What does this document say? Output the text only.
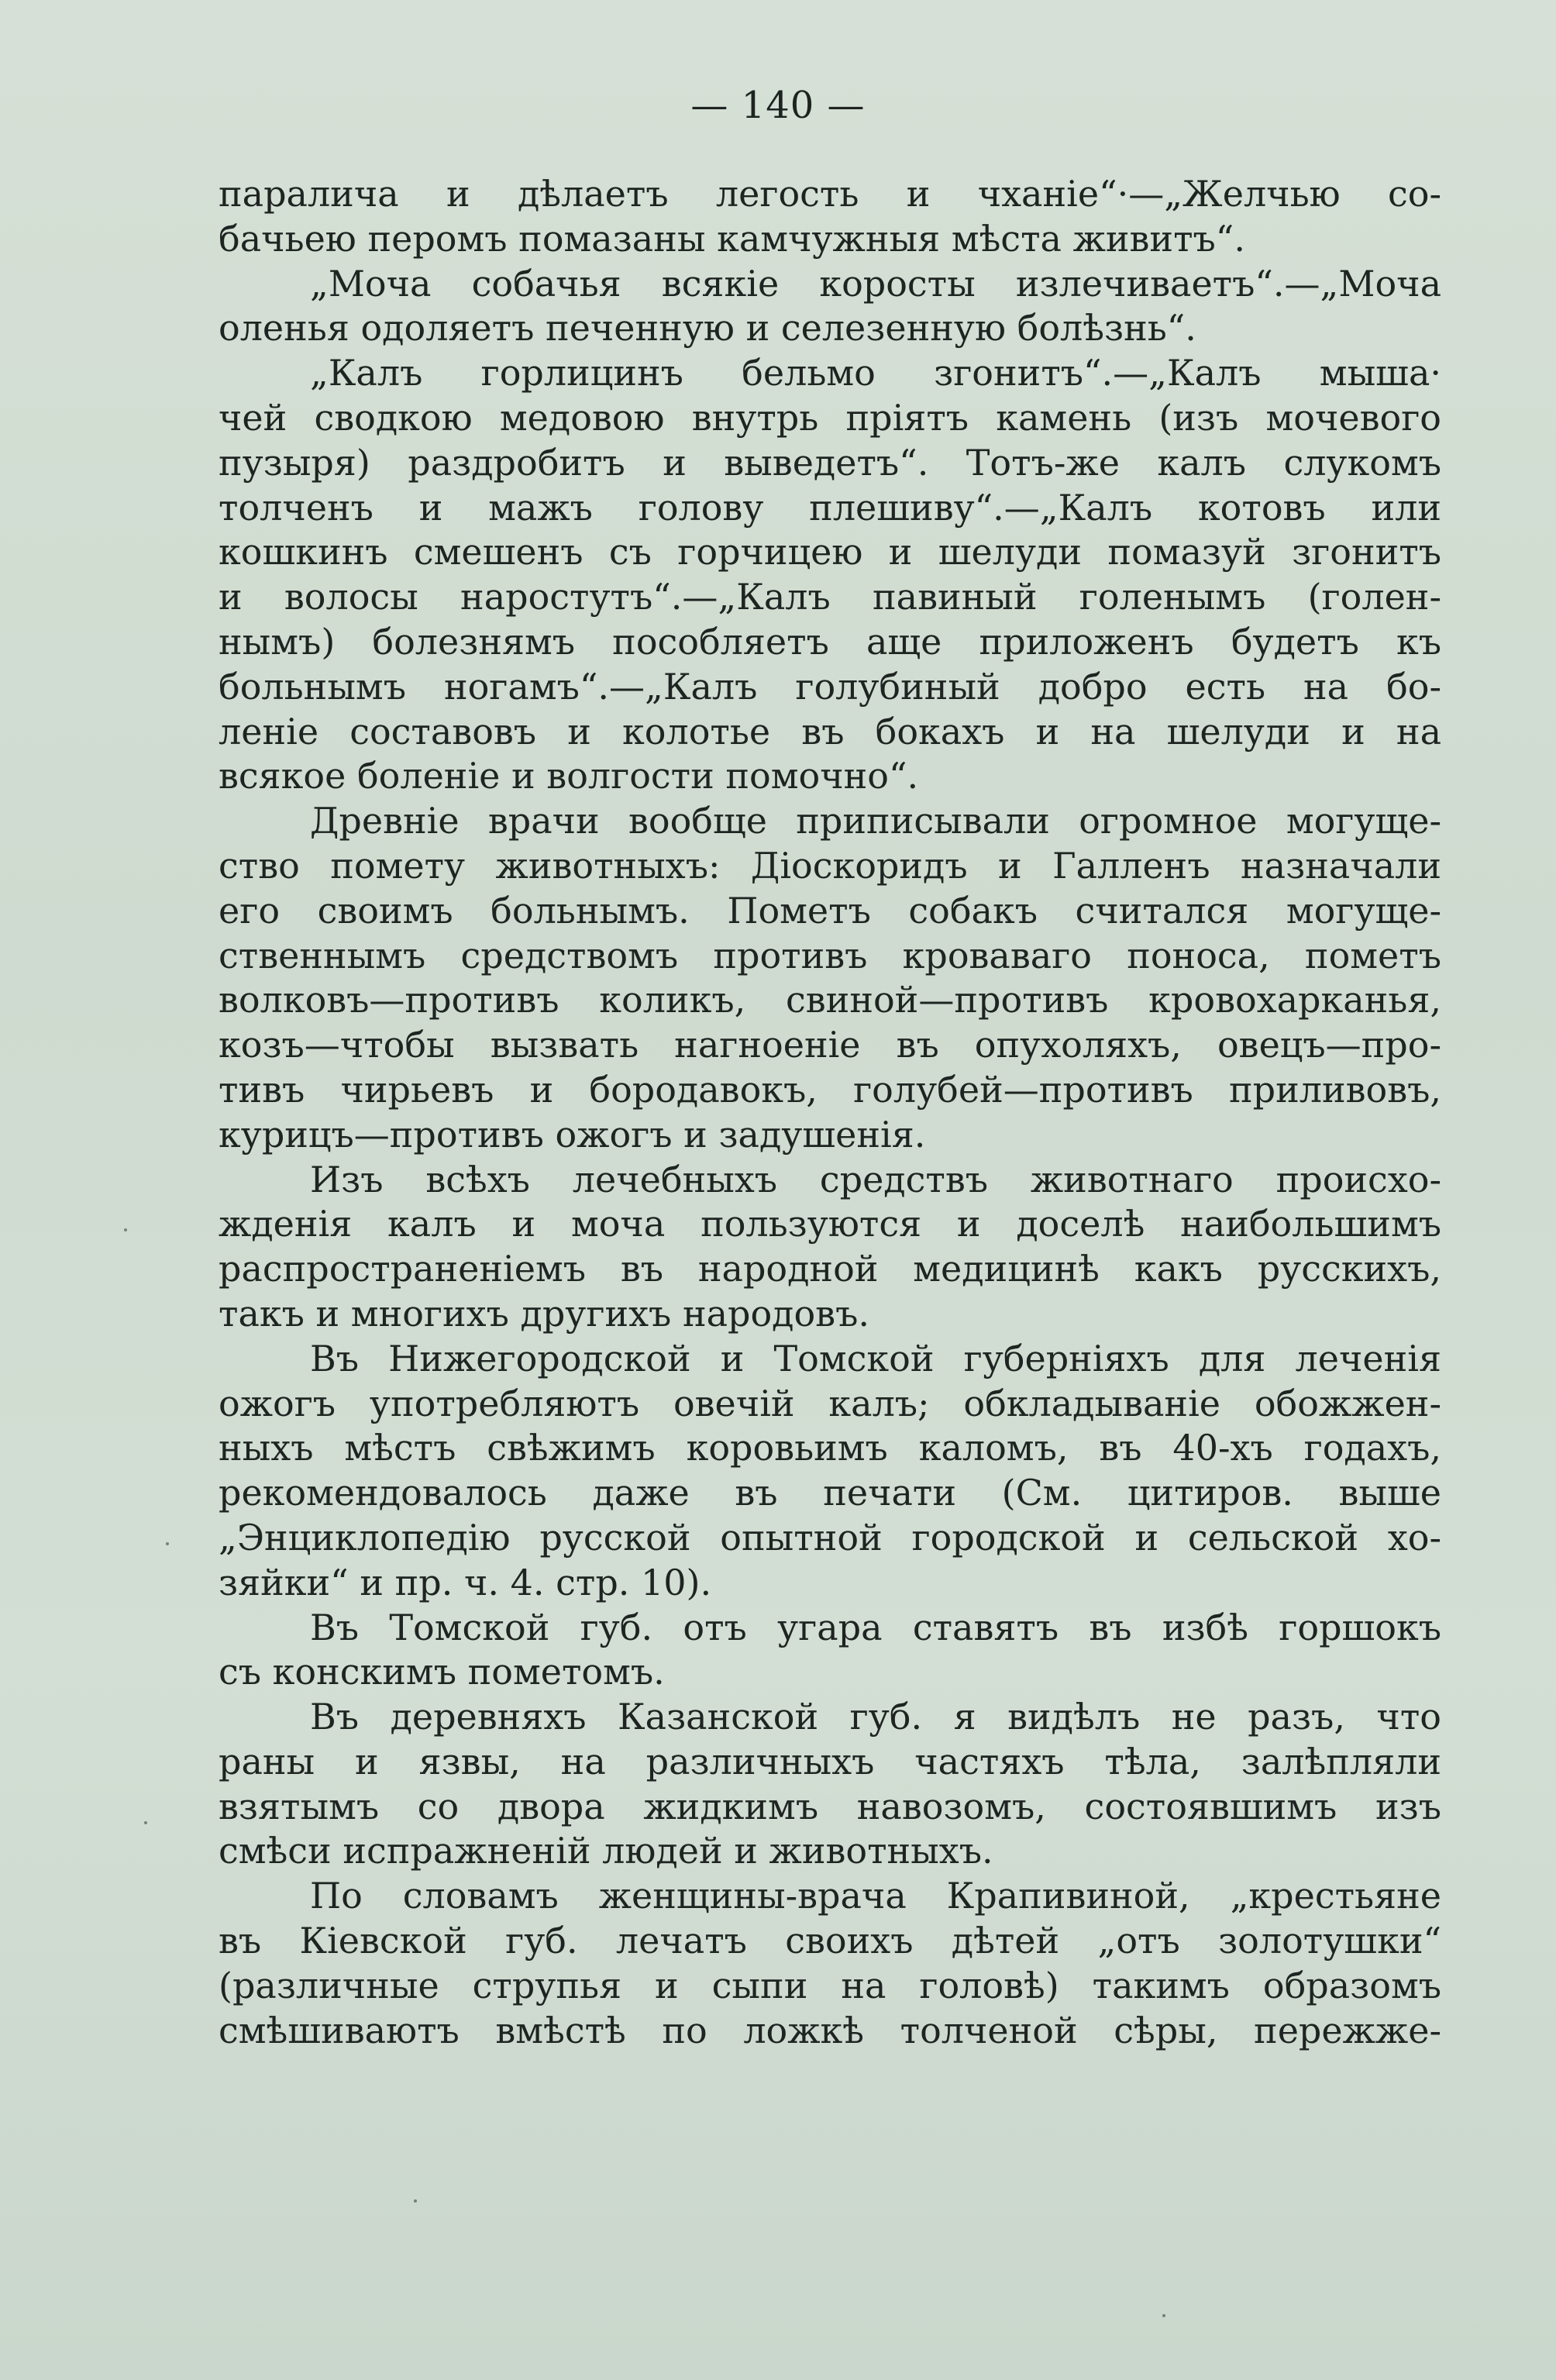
— 140 —
паралича и дѣлаетъ легость и чханіе“·—„Желчью со-
бачьею перомъ помазаны камчужныя мѣста живитъ“.
„Моча собачья всякіе коросты излечиваетъ“.—„Моча
оленья одоляетъ печенную и селезенную болѣзнь“.
„Калъ горлицинъ бельмо згонитъ“.—„Калъ мыша·
чей сводкою медовою внутрь пріятъ камень (изъ мочевого
пузыря) раздробитъ и выведетъ“. Тотъ-же калъ слукомъ
толченъ и мажъ голову плешиву“.—„Калъ котовъ или
кошкинъ смешенъ съ горчицею и шелуди помазуй згонитъ
и волосы наростутъ“.—„Калъ павиный голенымъ (голен-
нымъ) болезнямъ пособляетъ аще приложенъ будетъ къ
больнымъ ногамъ“.—„Калъ голубиный добро есть на бо-
леніе составовъ и колотье въ бокахъ и на шелуди и на
всякое боленіе и волгости помочно“.
Древніе врачи вообще приписывали огромное могуще-
ство помету животныхъ: Діоскоридъ и Галленъ назначали
его своимъ больнымъ. Пометъ собакъ считался могуще-
ственнымъ средствомъ противъ кроваваго поноса, пометъ
волковъ—противъ коликъ, свиной—противъ кровохарканья,
козъ—чтобы вызвать нагноеніе въ опухоляхъ, овецъ—про-
тивъ чирьевъ и бородавокъ, голубей—противъ приливовъ,
курицъ—противъ ожогъ и задушенія.
Изъ всѣхъ лечебныхъ средствъ животнаго происхо-
жденія калъ и моча пользуются и доселѣ наибольшимъ
распространеніемъ въ народной медицинѣ какъ русскихъ,
такъ и многихъ другихъ народовъ.
Въ Нижегородской и Томской губерніяхъ для леченія
ожогъ употребляютъ овечій калъ; обкладываніе обожжен-
ныхъ мѣстъ свѣжимъ коровьимъ каломъ, въ 40-хъ годахъ,
рекомендовалось даже въ печати (См. цитиров. выше
„Энциклопедію русской опытной городской и сельской хо-
зяйки“ и пр. ч. 4. стр. 10).
Въ Томской губ. отъ угара ставятъ въ избѣ горшокъ
съ конскимъ пометомъ.
Въ деревняхъ Казанской губ. я видѣлъ не разъ, что
раны и язвы, на различныхъ частяхъ тѣла, залѣпляли
взятымъ со двора жидкимъ навозомъ, состоявшимъ изъ
смѣси испражненій людей и животныхъ.
По словамъ женщины-врача Крапивиной, „крестьяне
въ Кіевской губ. лечатъ своихъ дѣтей „отъ золотушки“
(различные струпья и сыпи на головѣ) такимъ образомъ
смѣшиваютъ вмѣстѣ по ложкѣ толченой сѣры, пережже-
